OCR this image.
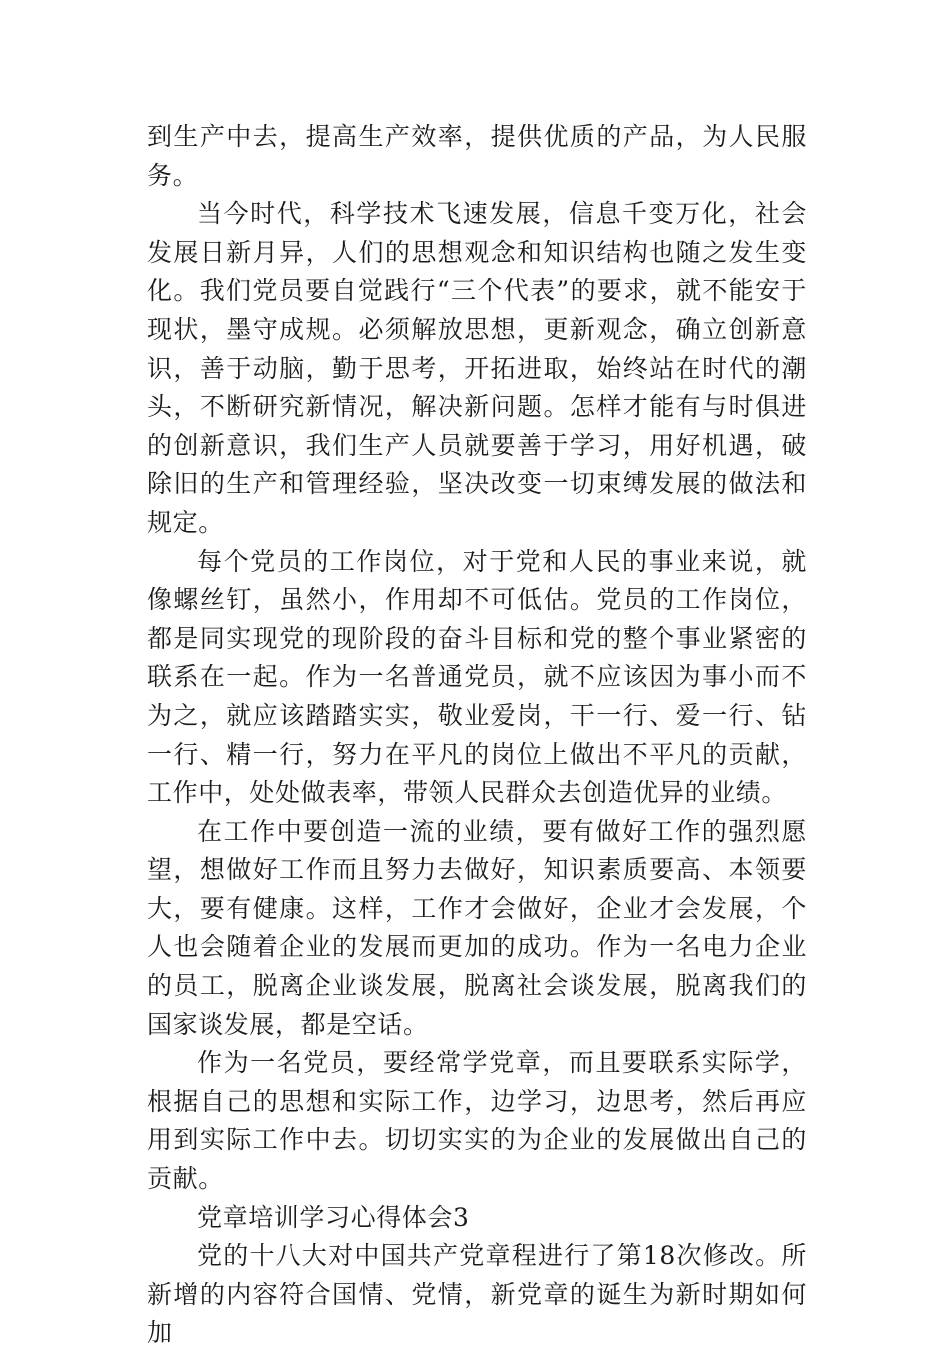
到生产中去，提高生产效率，提供优质的产品，为人民服务。

当今时代，科学技术飞速发展，信息千变万化，社会发展日新月异，人们的思想观念和知识结构也随之发生变化。我们党员要自觉践行“三个代表”的要求，就不能安于现状，墨守成规。必须解放思想，更新观念，确立创新意识，善于动脑，勤于思考，开拓进取，始终站在时代的潮头，不断研究新情况，解决新问题。怎样才能有与时俱进的创新意识，我们生产人员就要善于学习，用好机遇，破除旧的生产和管理经验，坚决改变一切束缚发展的做法和规定。

每个党员的工作岗位，对于党和人民的事业来说，就像螺丝钉，虽然小，作用却不可低估。党员的工作岗位，都是同实现党的现阶段的奋斗目标和党的整个事业紧密的联系在一起。作为一名普通党员，就不应该因为事小而不为之，就应该踏踏实实，敬业爱岗，干一行、爱一行、钻一行、精一行，努力在平凡的岗位上做出不平凡的贡献，工作中，处处做表率，带领人民群众去创造优异的业绩。

在工作中要创造一流的业绩，要有做好工作的强烈愿望，想做好工作而且努力去做好，知识素质要高、本领要大，要有健康。这样，工作才会做好，企业才会发展，个人也会随着企业的发展而更加的成功。作为一名电力企业的员工，脱离企业谈发展，脱离社会谈发展，脱离我们的国家谈发展，都是空话。

作为一名党员，要经常学党章，而且要联系实际学，根据自己的思想和实际工作，边学习，边思考，然后再应用到实际工作中去。切切实实的为企业的发展做出自己的贡献。

党章培训学习心得体会3

党的十八大对中国共产党章程进行了第18次修改。所新增的内容符合国情、党情，新党章的诞生为新时期如何加
